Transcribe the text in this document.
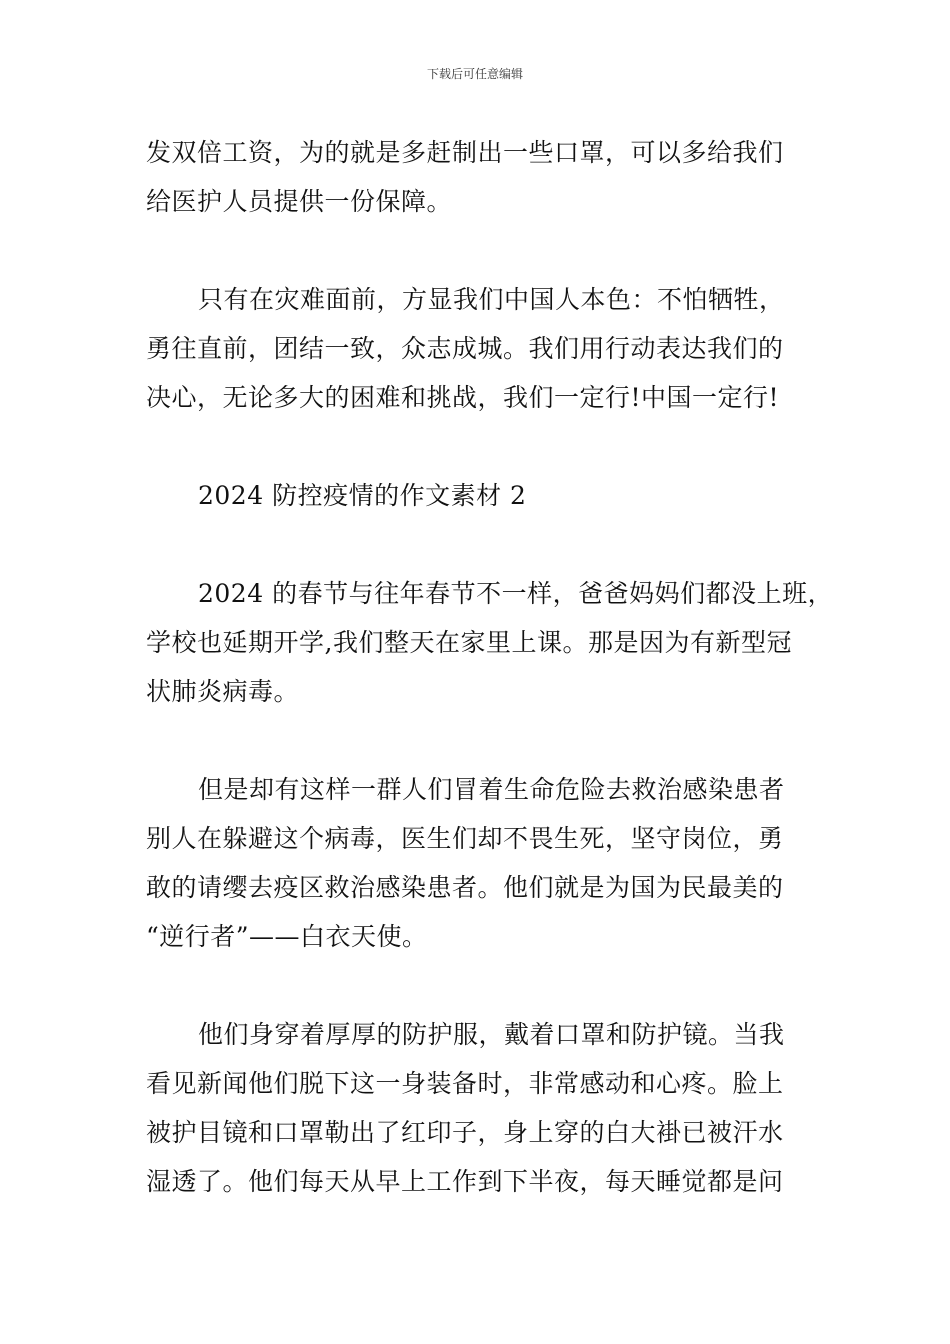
下载后可任意编辑
发双倍工资，为的就是多赶制出一些口罩，可以多给我们
给医护人员提供一份保障。
只有在灾难面前，方显我们中国人本色：不怕牺牲，
勇往直前，团结一致，众志成城。我们用行动表达我们的
决心，无论多大的困难和挑战，我们一定行!中国一定行!
2024 防控疫情的作文素材 2
2024 的春节与往年春节不一样，爸爸妈妈们都没上班，
学校也延期开学,我们整天在家里上课。那是因为有新型冠
状肺炎病毒。
但是却有这样一群人们冒着生命危险去救治感染患者
别人在躲避这个病毒，医生们却不畏生死，坚守岗位，勇
敢的请缨去疫区救治感染患者。他们就是为国为民最美的
“逆行者”——白衣天使。
他们身穿着厚厚的防护服，戴着口罩和防护镜。当我
看见新闻他们脱下这一身装备时，非常感动和心疼。脸上
被护目镜和口罩勒出了红印子，身上穿的白大褂已被汗水
湿透了。他们每天从早上工作到下半夜，每天睡觉都是问
